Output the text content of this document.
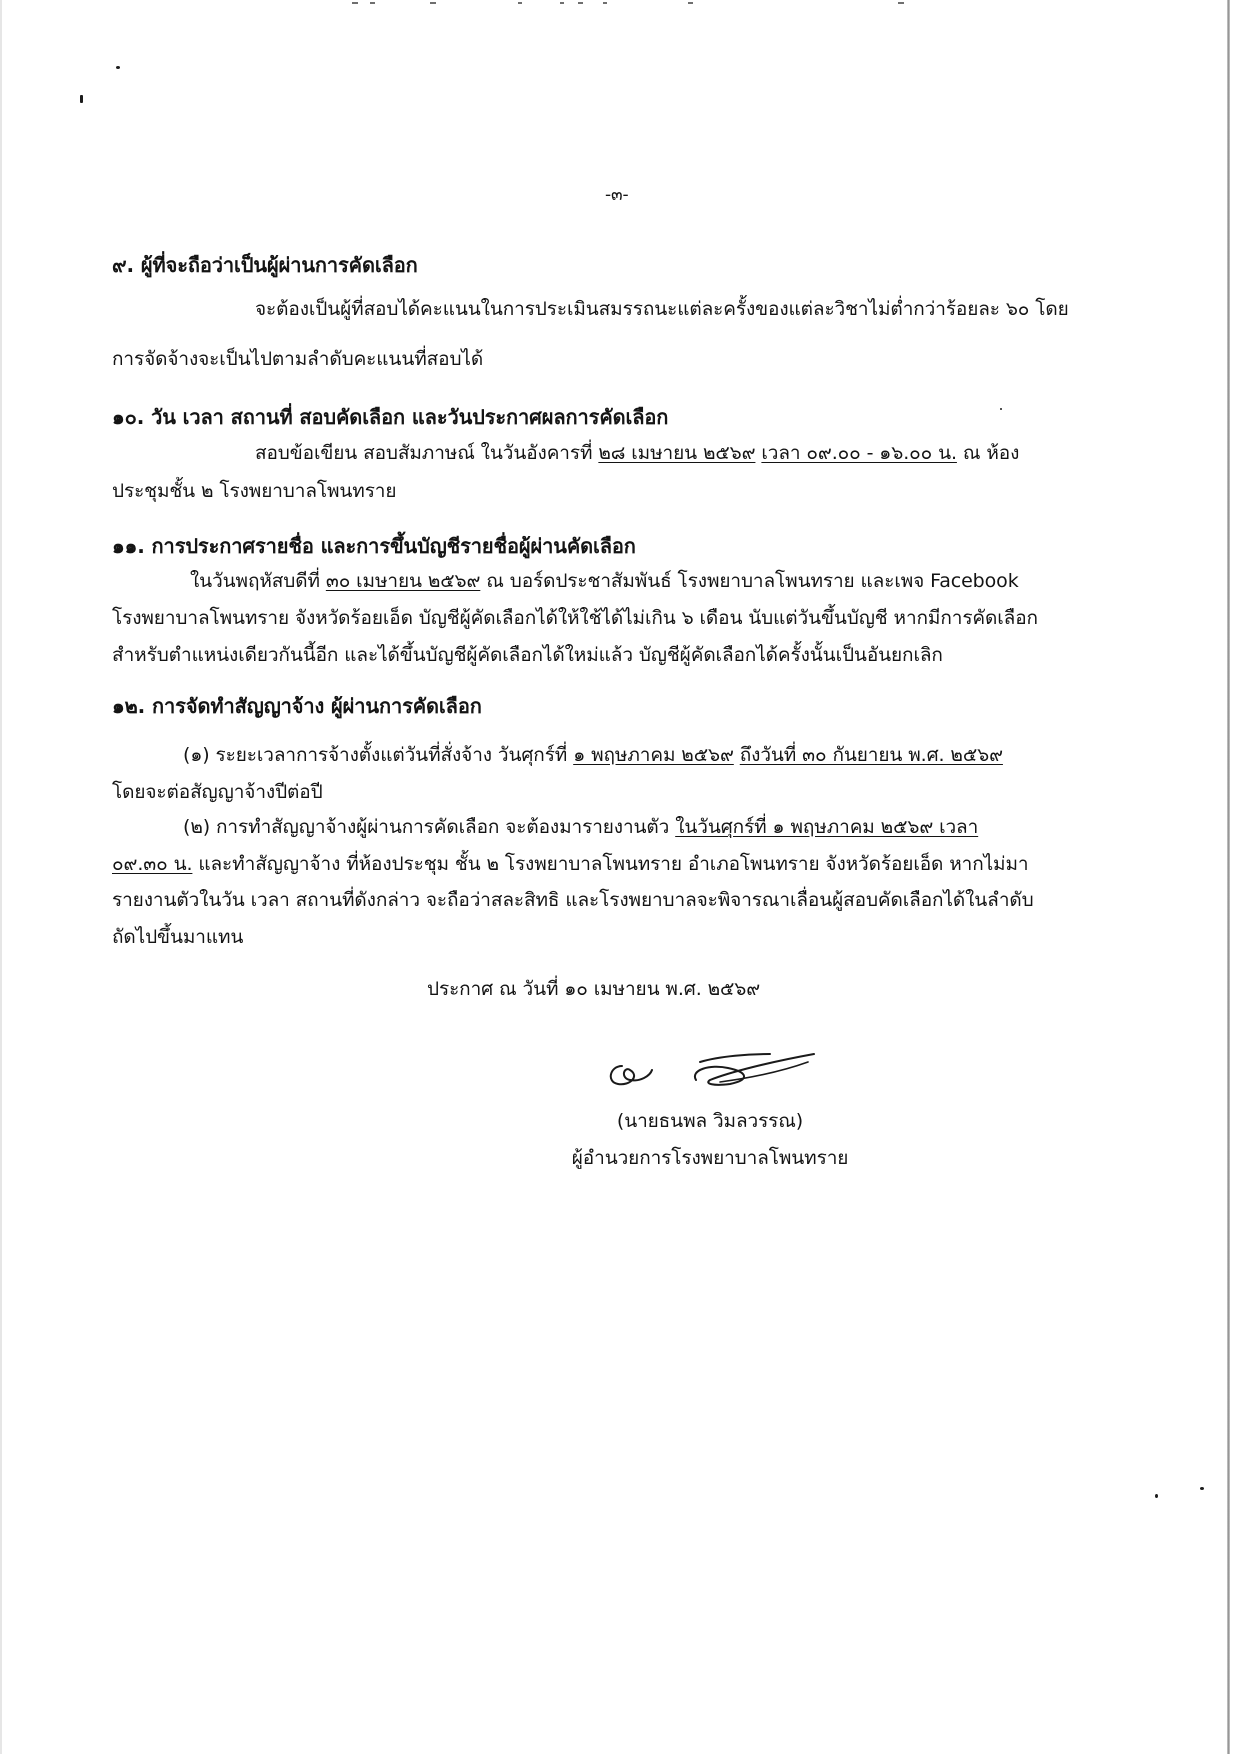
-๓-
๙. ผู้ที่จะถือว่าเป็นผู้ผ่านการคัดเลือก
จะต้องเป็นผู้ที่สอบได้คะแนนในการประเมินสมรรถนะแต่ละครั้งของแต่ละวิชาไม่ต่ำกว่าร้อยละ ๖๐ โดย
การจัดจ้างจะเป็นไปตามลำดับคะแนนที่สอบได้
๑๐. วัน เวลา สถานที่ สอบคัดเลือก และวันประกาศผลการคัดเลือก
สอบข้อเขียน สอบสัมภาษณ์ ในวันอังคารที่ ๒๘ เมษายน ๒๕๖๙ เวลา ๐๙.๐๐ - ๑๖.๐๐ น. ณ ห้อง
ประชุมชั้น ๒ โรงพยาบาลโพนทราย
๑๑. การประกาศรายชื่อ และการขึ้นบัญชีรายชื่อผู้ผ่านคัดเลือก
ในวันพฤหัสบดีที่ ๓๐ เมษายน ๒๕๖๙ ณ บอร์ดประชาสัมพันธ์ โรงพยาบาลโพนทราย และเพจ Facebook
โรงพยาบาลโพนทราย จังหวัดร้อยเอ็ด บัญชีผู้คัดเลือกได้ให้ใช้ได้ไม่เกิน ๖ เดือน นับแต่วันขึ้นบัญชี หากมีการคัดเลือก
สำหรับตำแหน่งเดียวกันนี้อีก และได้ขึ้นบัญชีผู้คัดเลือกได้ใหม่แล้ว บัญชีผู้คัดเลือกได้ครั้งนั้นเป็นอันยกเลิก
๑๒. การจัดทำสัญญาจ้าง ผู้ผ่านการคัดเลือก
(๑) ระยะเวลาการจ้างตั้งแต่วันที่สั่งจ้าง วันศุกร์ที่ ๑ พฤษภาคม ๒๕๖๙ ถึงวันที่ ๓๐ กันยายน พ.ศ. ๒๕๖๙
โดยจะต่อสัญญาจ้างปีต่อปี
(๒) การทำสัญญาจ้างผู้ผ่านการคัดเลือก จะต้องมารายงานตัว ในวันศุกร์ที่ ๑ พฤษภาคม ๒๕๖๙ เวลา
๐๙.๓๐ น. และทำสัญญาจ้าง ที่ห้องประชุม ชั้น ๒ โรงพยาบาลโพนทราย อำเภอโพนทราย จังหวัดร้อยเอ็ด หากไม่มา
รายงานตัวในวัน เวลา สถานที่ดังกล่าว จะถือว่าสละสิทธิ และโรงพยาบาลจะพิจารณาเลื่อนผู้สอบคัดเลือกได้ในลำดับ
ถัดไปขึ้นมาแทน
ประกาศ ณ วันที่ ๑๐ เมษายน พ.ศ. ๒๕๖๙
(นายธนพล วิมลวรรณ)
ผู้อำนวยการโรงพยาบาลโพนทราย
